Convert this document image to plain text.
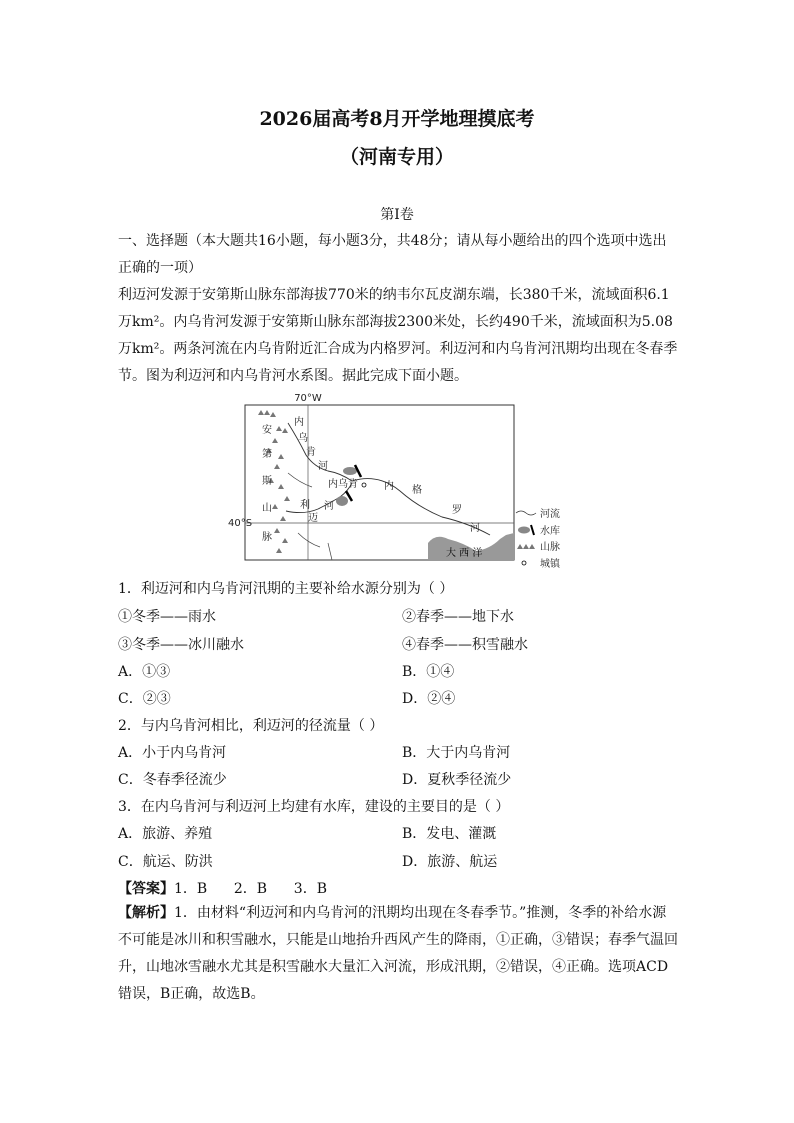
2026届高考8月开学地理摸底考
（河南专用）
第Ⅰ卷
一、选择题（本大题共16小题，每小题3分，共48分；请从每小题给出的四个选项中选出正确的一项）
利迈河发源于安第斯山脉东部海拔770米的纳韦尔瓦皮湖东端，长380千米，流域面积6.1万km²。内乌肯河发源于安第斯山脉东部海拔2300米处，长约490千米，流域面积为5.08万km²。两条河流在内乌肯附近汇合成为内格罗河。利迈河和内乌肯河汛期均出现在冬春季节。图为利迈河和内乌肯河水系图。据此完成下面小题。
70°W
40°S
安
第
斯
山
脉
内
乌
肯
河
利
迈
河
内乌肯	内 格
罗
河
大 西 洋
河流
水库
山脉
城镇
1．利迈河和内乌肯河汛期的主要补给水源分别为（ ）
①冬季——雨水	②春季——地下水
③冬季——冰川融水	④春季——积雪融水
A．①③	B．①④
C．②③	D．②④
2．与内乌肯河相比，利迈河的径流量（ ）
A．小于内乌肯河	B．大于内乌肯河
C．冬春季径流少	D．夏秋季径流少
3．在内乌肯河与利迈河上均建有水库，建设的主要目的是（ ）
A．旅游、养殖	B．发电、灌溉
C．航运、防洪	D．旅游、航运
【答案】1．B      2．B      3．B
【解析】1．由材料“利迈河和内乌肯河的汛期均出现在冬春季节。”推测，冬季的补给水源不可能是冰川和积雪融水，只能是山地抬升西风产生的降雨，①正确，③错误；春季气温回升，山地冰雪融水尤其是积雪融水大量汇入河流，形成汛期，②错误，④正确。选项ACD错误，B正确，故选B。
